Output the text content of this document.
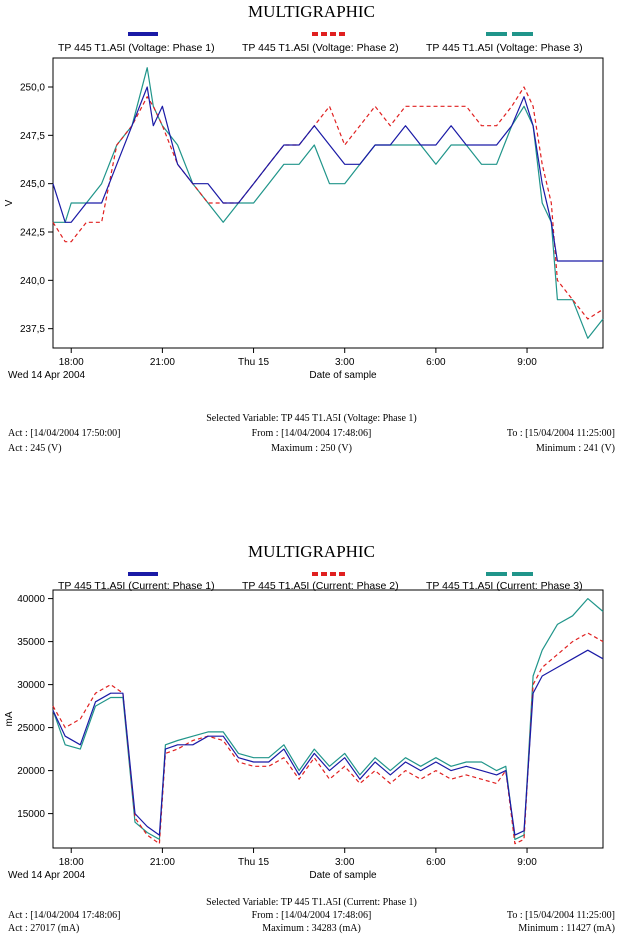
MULTIGRAPHIC
TP 445 T1.A5I (Voltage: Phase 1)	TP 445 T1.A5I (Voltage: Phase 2)	TP 445 T1.A5I (Voltage: Phase 3)
237,5
240,0
242,5
245,0
247,5
250,0
18:00	21:00	Thu 15	3:00	6:00	9:00
V
Date of sample
Wed 14 Apr 2004
Selected Variable: TP 445 T1.A5I (Voltage: Phase 1)
Act : [14/04/2004 17:50:00]	From : [14/04/2004 17:48:06]	To : [15/04/2004 11:25:00]
Act : 245 (V)	Maximum : 250 (V)	Minimum : 241 (V)
MULTIGRAPHIC
TP 445 T1.A5I (Current: Phase 1)	TP 445 T1.A5I (Current: Phase 2)	TP 445 T1.A5I (Current: Phase 3)
15000
20000
25000
30000
35000
40000
18:00	21:00	Thu 15	3:00	6:00	9:00
mA
Date of sample
Wed 14 Apr 2004
Selected Variable: TP 445 T1.A5I (Current: Phase 1)
Act : [14/04/2004 17:48:06]	From : [14/04/2004 17:48:06]	To : [15/04/2004 11:25:00]
Act : 27017 (mA)	Maximum : 34283 (mA)	Minimum : 11427 (mA)
